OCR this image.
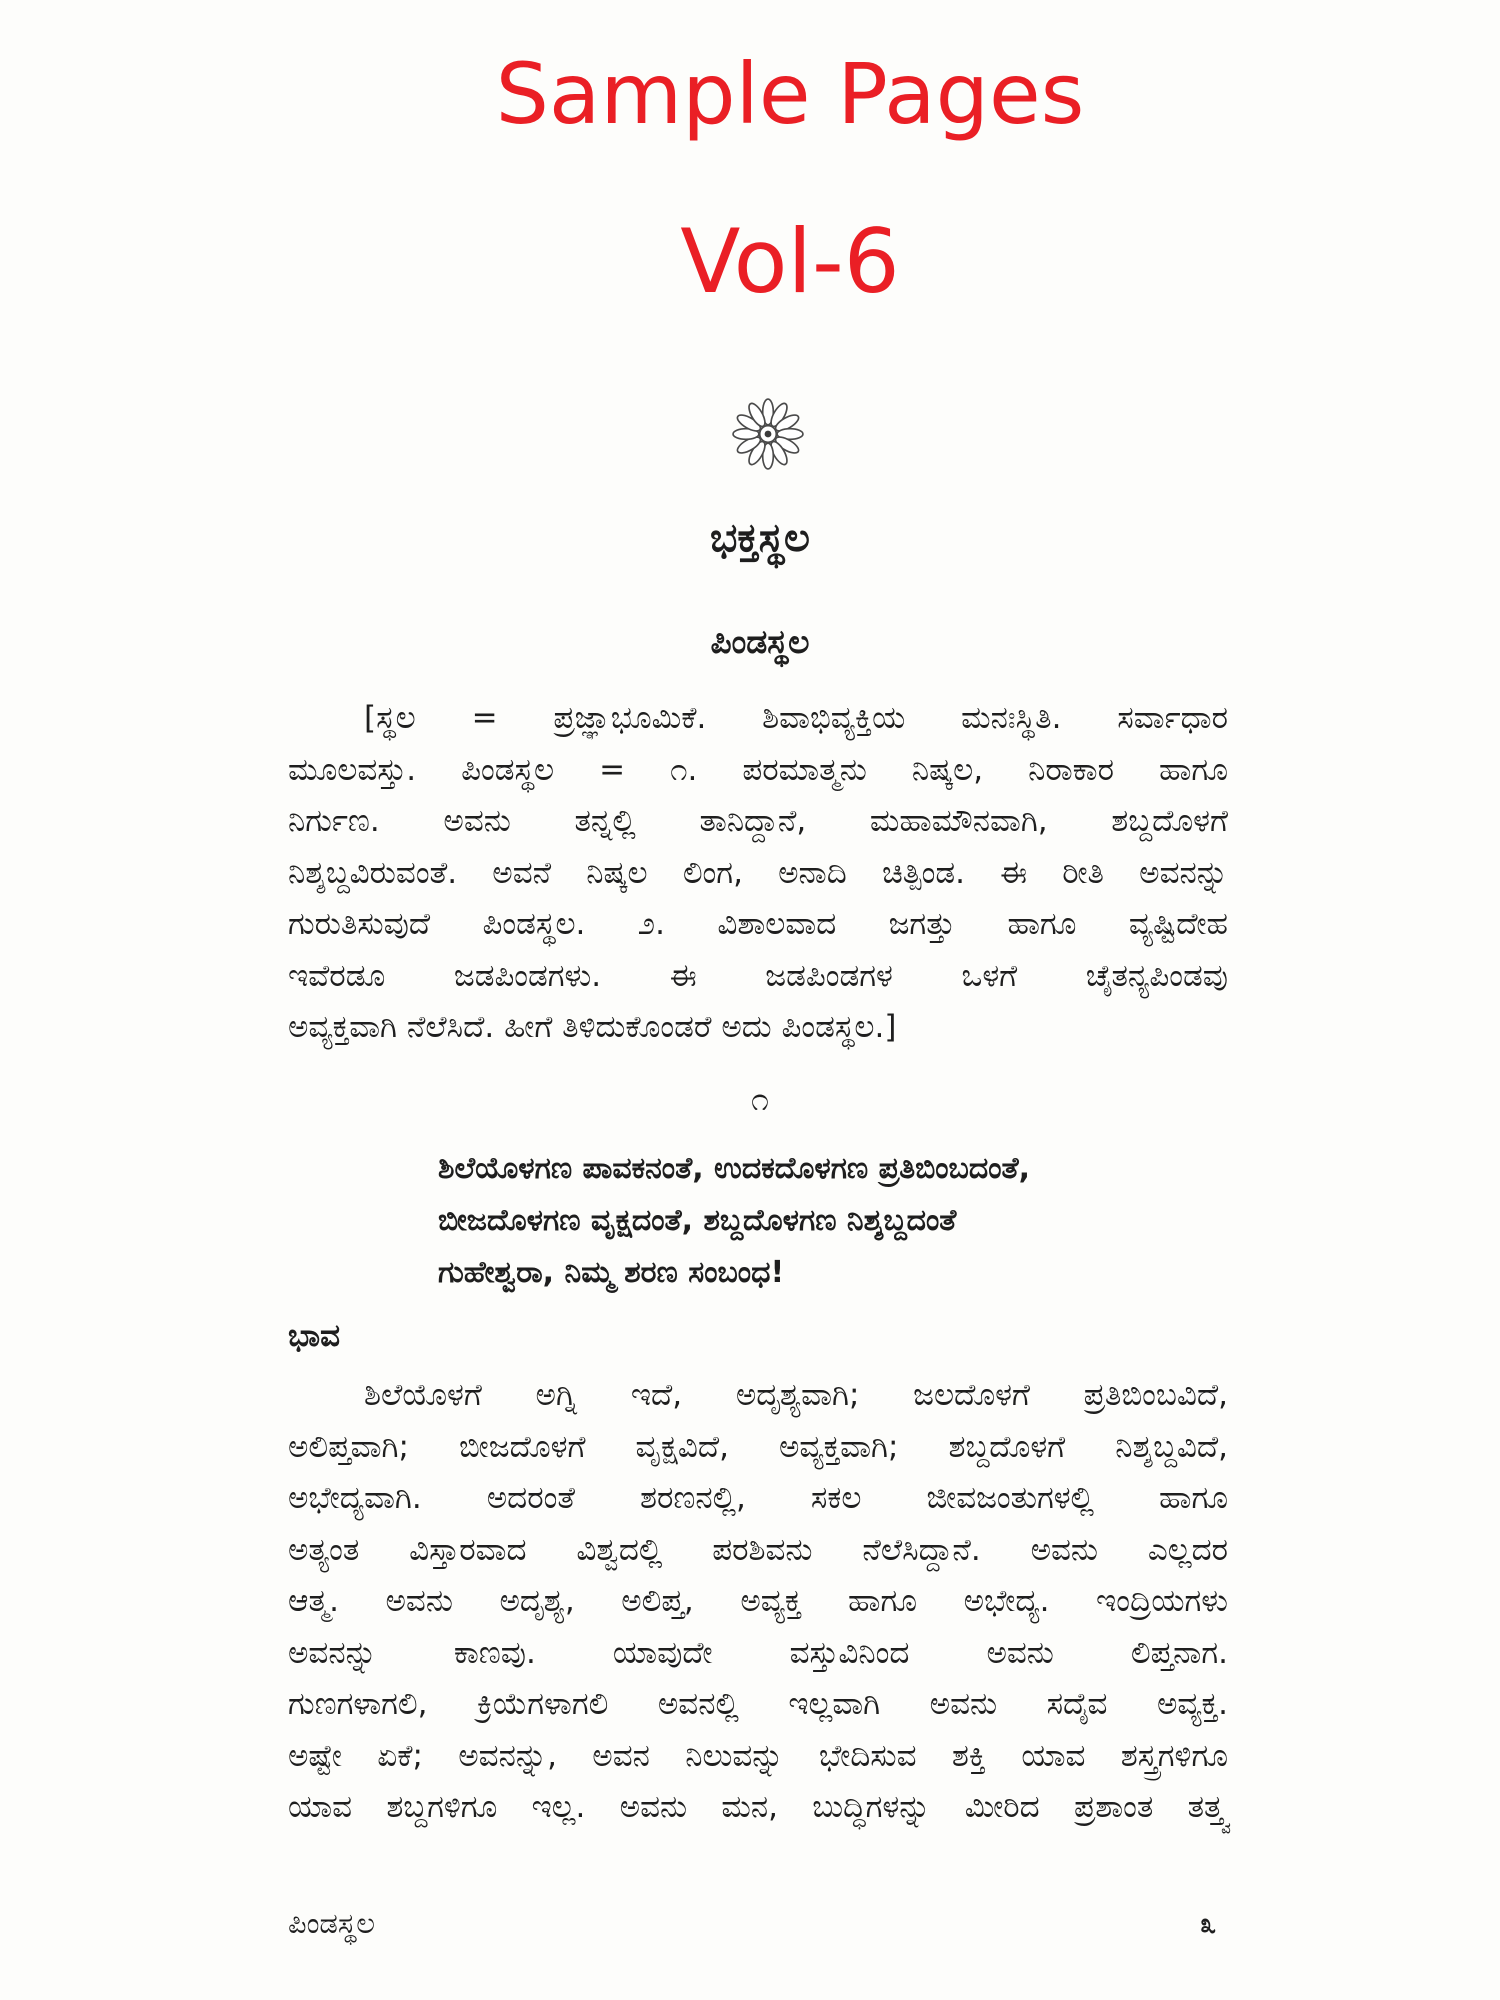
Sample Pages
Vol-6
ಭಕ್ತಸ್ಥಲ
ಪಿಂಡಸ್ಥಲ
[ಸ್ಥಲ = ಪ್ರಜ್ಞಾಭೂಮಿಕೆ. ಶಿವಾಭಿವ್ಯಕ್ತಿಯ ಮನಃಸ್ಥಿತಿ. ಸರ್ವಾಧಾರ
ಮೂಲವಸ್ತು. ಪಿಂಡಸ್ಥಲ = ೧. ಪರಮಾತ್ಮನು ನಿಷ್ಕಲ, ನಿರಾಕಾರ ಹಾಗೂ
ನಿರ್ಗುಣ. ಅವನು ತನ್ನಲ್ಲಿ ತಾನಿದ್ದಾನೆ, ಮಹಾಮೌನವಾಗಿ, ಶಬ್ದದೊಳಗೆ
ನಿಶ್ಶಬ್ದವಿರುವಂತೆ. ಅವನೆ ನಿಷ್ಕಲ ಲಿಂಗ, ಅನಾದಿ ಚಿತ್ಪಿಂಡ. ಈ ರೀತಿ ಅವನನ್ನು
ಗುರುತಿಸುವುದೆ ಪಿಂಡಸ್ಥಲ. ೨. ವಿಶಾಲವಾದ ಜಗತ್ತು ಹಾಗೂ ವ್ಯಷ್ಟಿದೇಹ
ಇವೆರಡೂ ಜಡಪಿಂಡಗಳು. ಈ ಜಡಪಿಂಡಗಳ ಒಳಗೆ ಚೈತನ್ಯಪಿಂಡವು
ಅವ್ಯಕ್ತವಾಗಿ ನೆಲೆಸಿದೆ. ಹೀಗೆ ತಿಳಿದುಕೊಂಡರೆ ಅದು ಪಿಂಡಸ್ಥಲ.]
೧
ಶಿಲೆಯೊಳಗಣ ಪಾವಕನಂತೆ, ಉದಕದೊಳಗಣ ಪ್ರತಿಬಿಂಬದಂತೆ,
ಬೀಜದೊಳಗಣ ವೃಕ್ಷದಂತೆ, ಶಬ್ದದೊಳಗಣ ನಿಶ್ಶಬ್ದದಂತೆ
ಗುಹೇಶ್ವರಾ, ನಿಮ್ಮ ಶರಣ ಸಂಬಂಧ!
ಭಾವ
ಶಿಲೆಯೊಳಗೆ ಅಗ್ನಿ ಇದೆ, ಅದೃಶ್ಯವಾಗಿ; ಜಲದೊಳಗೆ ಪ್ರತಿಬಿಂಬವಿದೆ,
ಅಲಿಪ್ತವಾಗಿ; ಬೀಜದೊಳಗೆ ವೃಕ್ಷವಿದೆ, ಅವ್ಯಕ್ತವಾಗಿ; ಶಬ್ದದೊಳಗೆ ನಿಶ್ಶಬ್ದವಿದೆ,
ಅಭೇದ್ಯವಾಗಿ. ಅದರಂತೆ ಶರಣನಲ್ಲಿ, ಸಕಲ ಜೀವಜಂತುಗಳಲ್ಲಿ ಹಾಗೂ
ಅತ್ಯಂತ ವಿಸ್ತಾರವಾದ ವಿಶ್ವದಲ್ಲಿ ಪರಶಿವನು ನೆಲೆಸಿದ್ದಾನೆ. ಅವನು ಎಲ್ಲದರ
ಆತ್ಮ. ಅವನು ಅದೃಶ್ಯ, ಅಲಿಪ್ತ, ಅವ್ಯಕ್ತ ಹಾಗೂ ಅಭೇದ್ಯ. ಇಂದ್ರಿಯಗಳು
ಅವನನ್ನು ಕಾಣವು. ಯಾವುದೇ ವಸ್ತುವಿನಿಂದ ಅವನು ಲಿಪ್ತನಾಗ.
ಗುಣಗಳಾಗಲಿ, ಕ್ರಿಯೆಗಳಾಗಲಿ ಅವನಲ್ಲಿ ಇಲ್ಲವಾಗಿ ಅವನು ಸದೈವ ಅವ್ಯಕ್ತ.
ಅಷ್ಟೇ ಏಕೆ; ಅವನನ್ನು, ಅವನ ನಿಲುವನ್ನು ಭೇದಿಸುವ ಶಕ್ತಿ ಯಾವ ಶಸ್ತ್ರಗಳಿಗೂ
ಯಾವ ಶಬ್ದಗಳಿಗೂ ಇಲ್ಲ. ಅವನು ಮನ, ಬುದ್ಧಿಗಳನ್ನು ಮೀರಿದ ಪ್ರಶಾಂತ ತತ್ತ್ವ
ಪಿಂಡಸ್ಥಲ	೩
